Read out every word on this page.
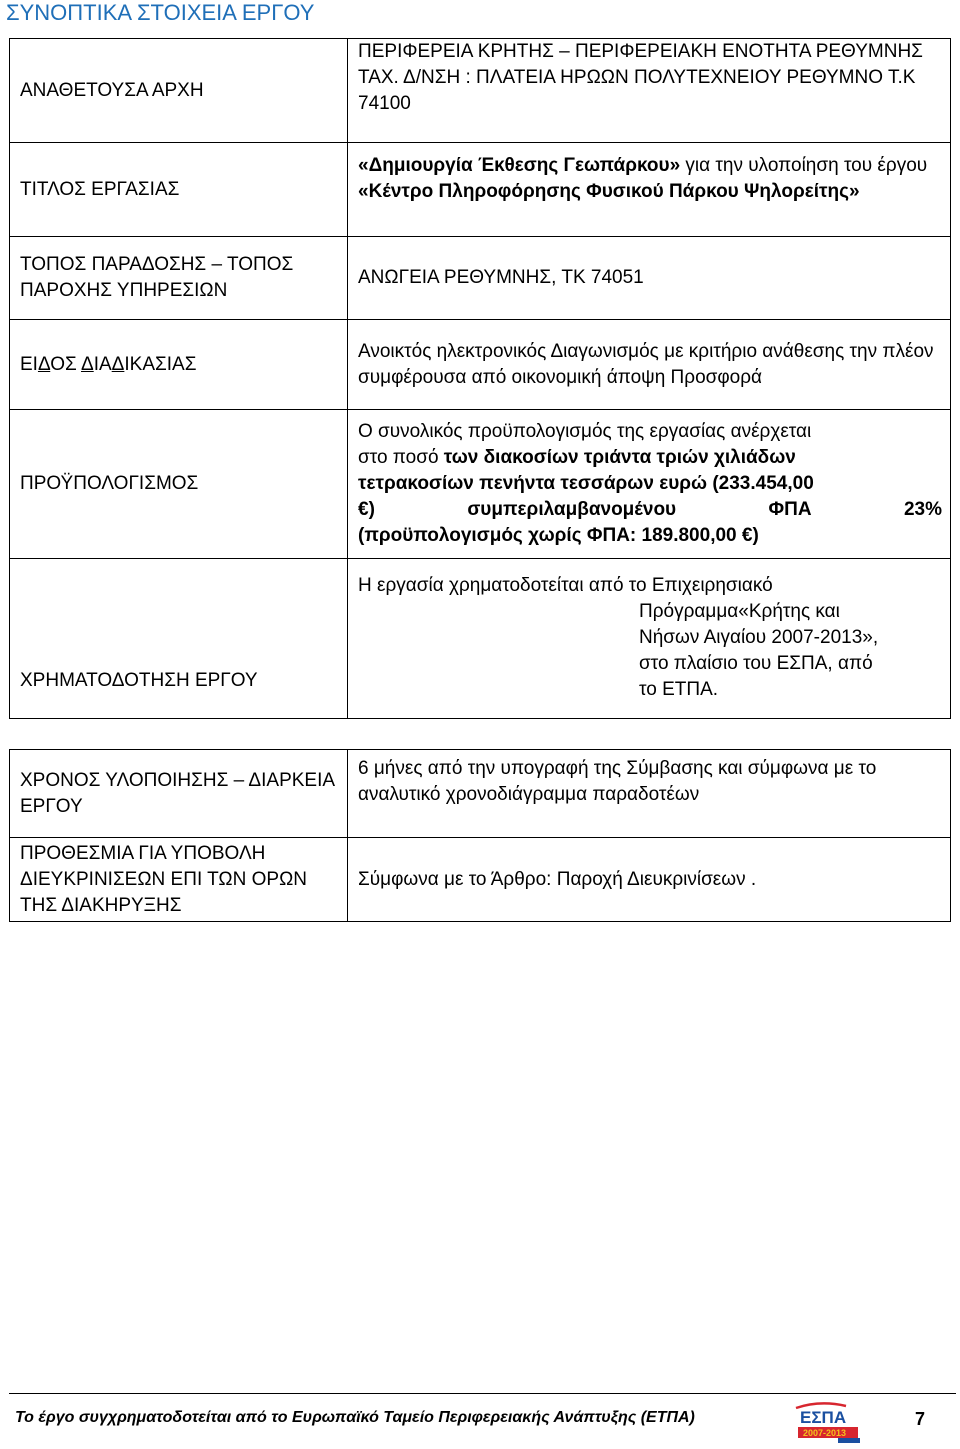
ΣΥΝΟΠΤΙΚΑ ΣΤΟΙΧΕΙΑ ΕΡΓΟΥ
ΑΝΑΘΕΤΟΥΣΑ ΑΡΧΗ	ΠΕΡΙΦΕΡΕΙΑ ΚΡΗΤΗΣ – ΠΕΡΙΦΕΡΕΙΑΚΗ ΕΝΟΤΗΤΑ ΡΕΘΥΜΝΗΣ
ΤΑΧ. Δ/ΝΣΗ : ΠΛΑΤΕΙΑ ΗΡΩΩΝ ΠΟΛΥΤΕΧΝΕΙΟΥ ΡΕΘΥΜΝΟ Τ.Κ 74100

ΤΙΤΛΟΣ ΕΡΓΑΣΙΑΣ	«Δημιουργία Έκθεσης Γεωπάρκου» για την υλοποίηση του έργου «Κέντρο Πληροφόρησης Φυσικού Πάρκου Ψηλορείτης»
ΤΟΠΟΣ ΠΑΡΑΔΟΣΗΣ – ΤΟΠΟΣ ΠΑΡΟΧΗΣ ΥΠΗΡΕΣΙΩΝ	ΑΝΩΓΕΙΑ ΡΕΘΥΜΝΗΣ, ΤΚ 74051
ΕΙΔΟΣ ΔΙΑΔΙΚΑΣΙΑΣ	Ανοικτός ηλεκτρονικός Διαγωνισμός με κριτήριο ανάθεσης την πλέον συμφέρουσα από οικονομική άποψη Προσφορά
ΠΡΟΫΠΟΛΟΓΙΣΜΟΣ	Ο συνολικός προϋπολογισμός της εργασίας ανέρχεται
στο ποσό των διακοσίων τριάντα τριών χιλιάδων
τετρακοσίων πενήντα τεσσάρων ευρώ (233.454,00
€) συμπεριλαμβανομένου ΦΠΑ 23%
(προϋπολογισμός χωρίς ΦΠΑ: 189.800,00 €)

ΧΡΗΜΑΤΟΔΟΤΗΣΗ ΕΡΓΟΥ	Η εργασία χρηματοδοτείται από το Επιχειρησιακό
Πρόγραμμα«Κρήτης και
Νήσων Αιγαίου 2007-2013»,
στο πλαίσιο του ΕΣΠΑ, από
το ΕΤΠΑ.
ΧΡΟΝΟΣ ΥΛΟΠΟΙΗΣΗΣ – ΔΙΑΡΚΕΙΑ ΕΡΓΟΥ	6 μήνες από την υπογραφή της Σύμβασης και σύμφωνα με το αναλυτικό χρονοδιάγραμμα παραδοτέων
ΠΡΟΘΕΣΜΙΑ ΓΙΑ ΥΠΟΒΟΛΗ ΔΙΕΥΚΡΙΝΙΣΕΩΝ ΕΠΙ ΤΩΝ ΟΡΩΝ ΤΗΣ ΔΙΑΚΗΡΥΞΗΣ	Σύμφωνα με το Άρθρο: Παροχή Διευκρινίσεων .
Το έργο συγχρηματοδοτείται από το Ευρωπαϊκό Ταμείο Περιφερειακής Ανάπτυξης (ΕΤΠΑ)	ΕΣΠΑ
2007-2013
7
